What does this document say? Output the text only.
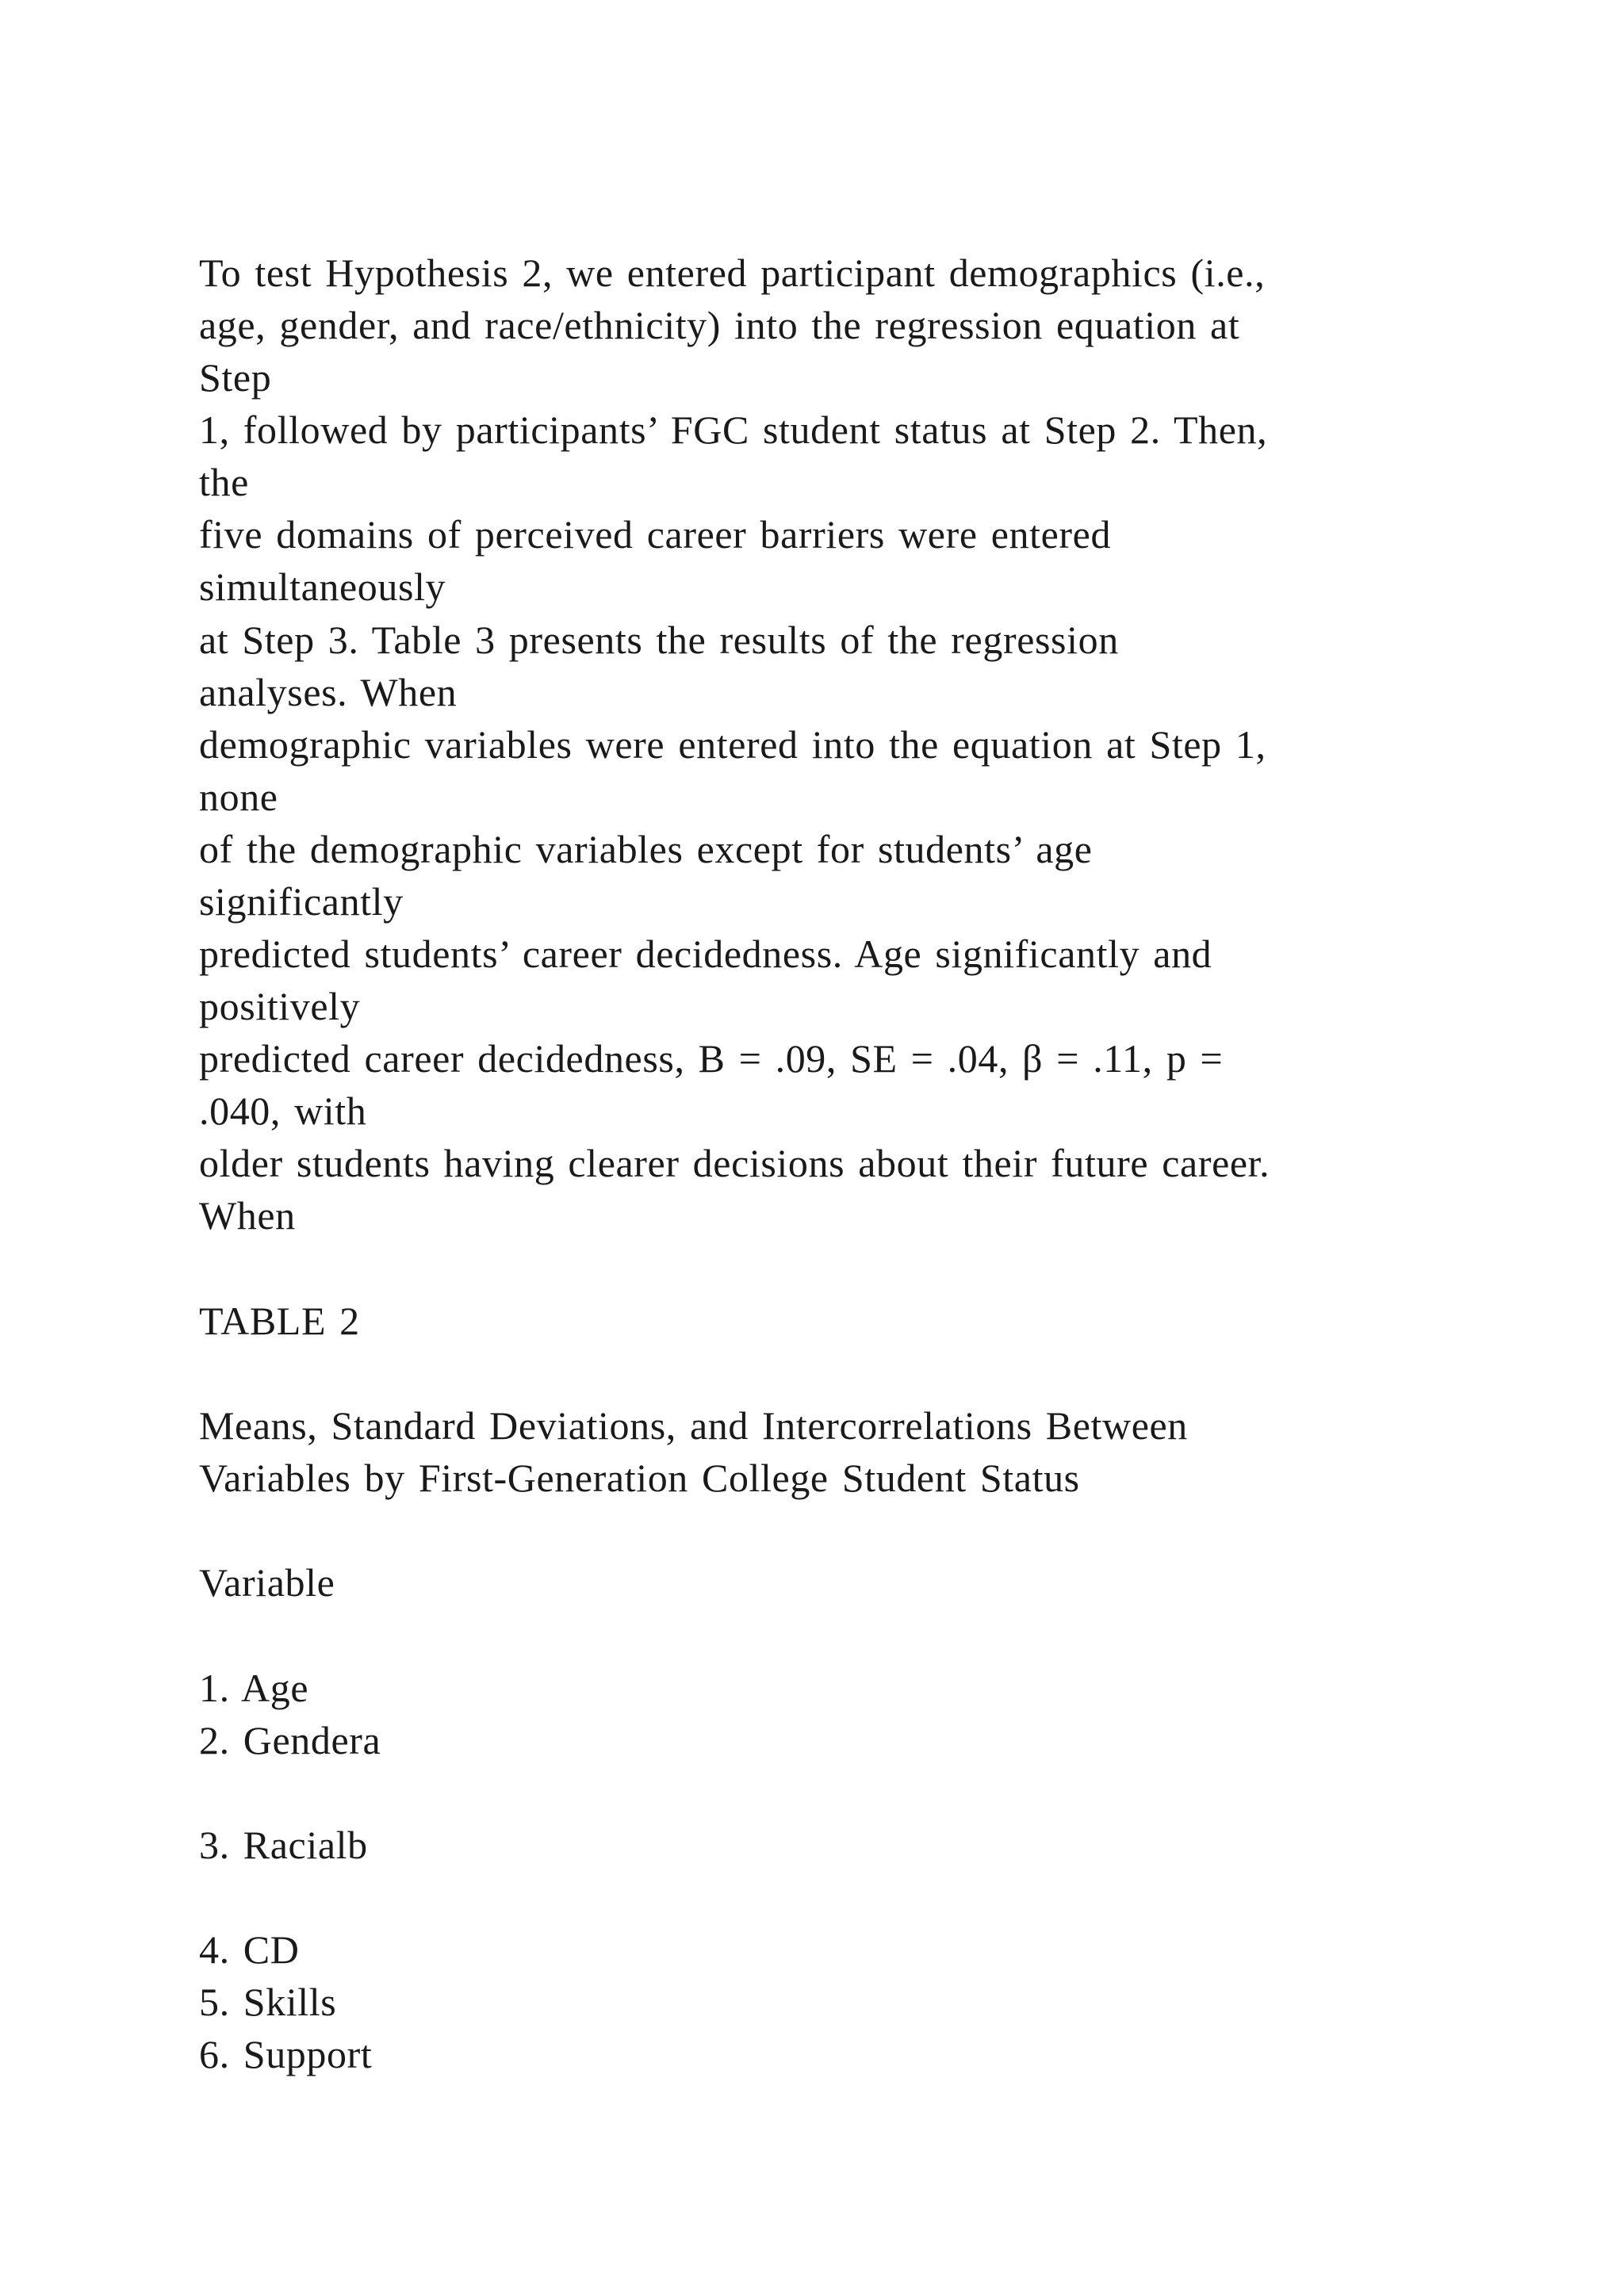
To test Hypothesis 2, we entered participant demographics (i.e.,

age, gender, and race/ethnicity) into the regression equation at

Step

1, followed by participants’ FGC student status at Step 2. Then,

the

five domains of perceived career barriers were entered

simultaneously

at Step 3. Table 3 presents the results of the regression

analyses. When

demographic variables were entered into the equation at Step 1,

none

of the demographic variables except for students’ age

significantly

predicted students’ career decidedness. Age significantly and

positively

predicted career decidedness, B = .09, SE = .04, β = .11, p =

.040, with

older students having clearer decisions about their future career.

When

TABLE 2

Means, Standard Deviations, and Intercorrelations Between

Variables by First-Generation College Student Status

Variable

1. Age

2. Gendera

3. Racialb

4. CD

5. Skills

6. Support
